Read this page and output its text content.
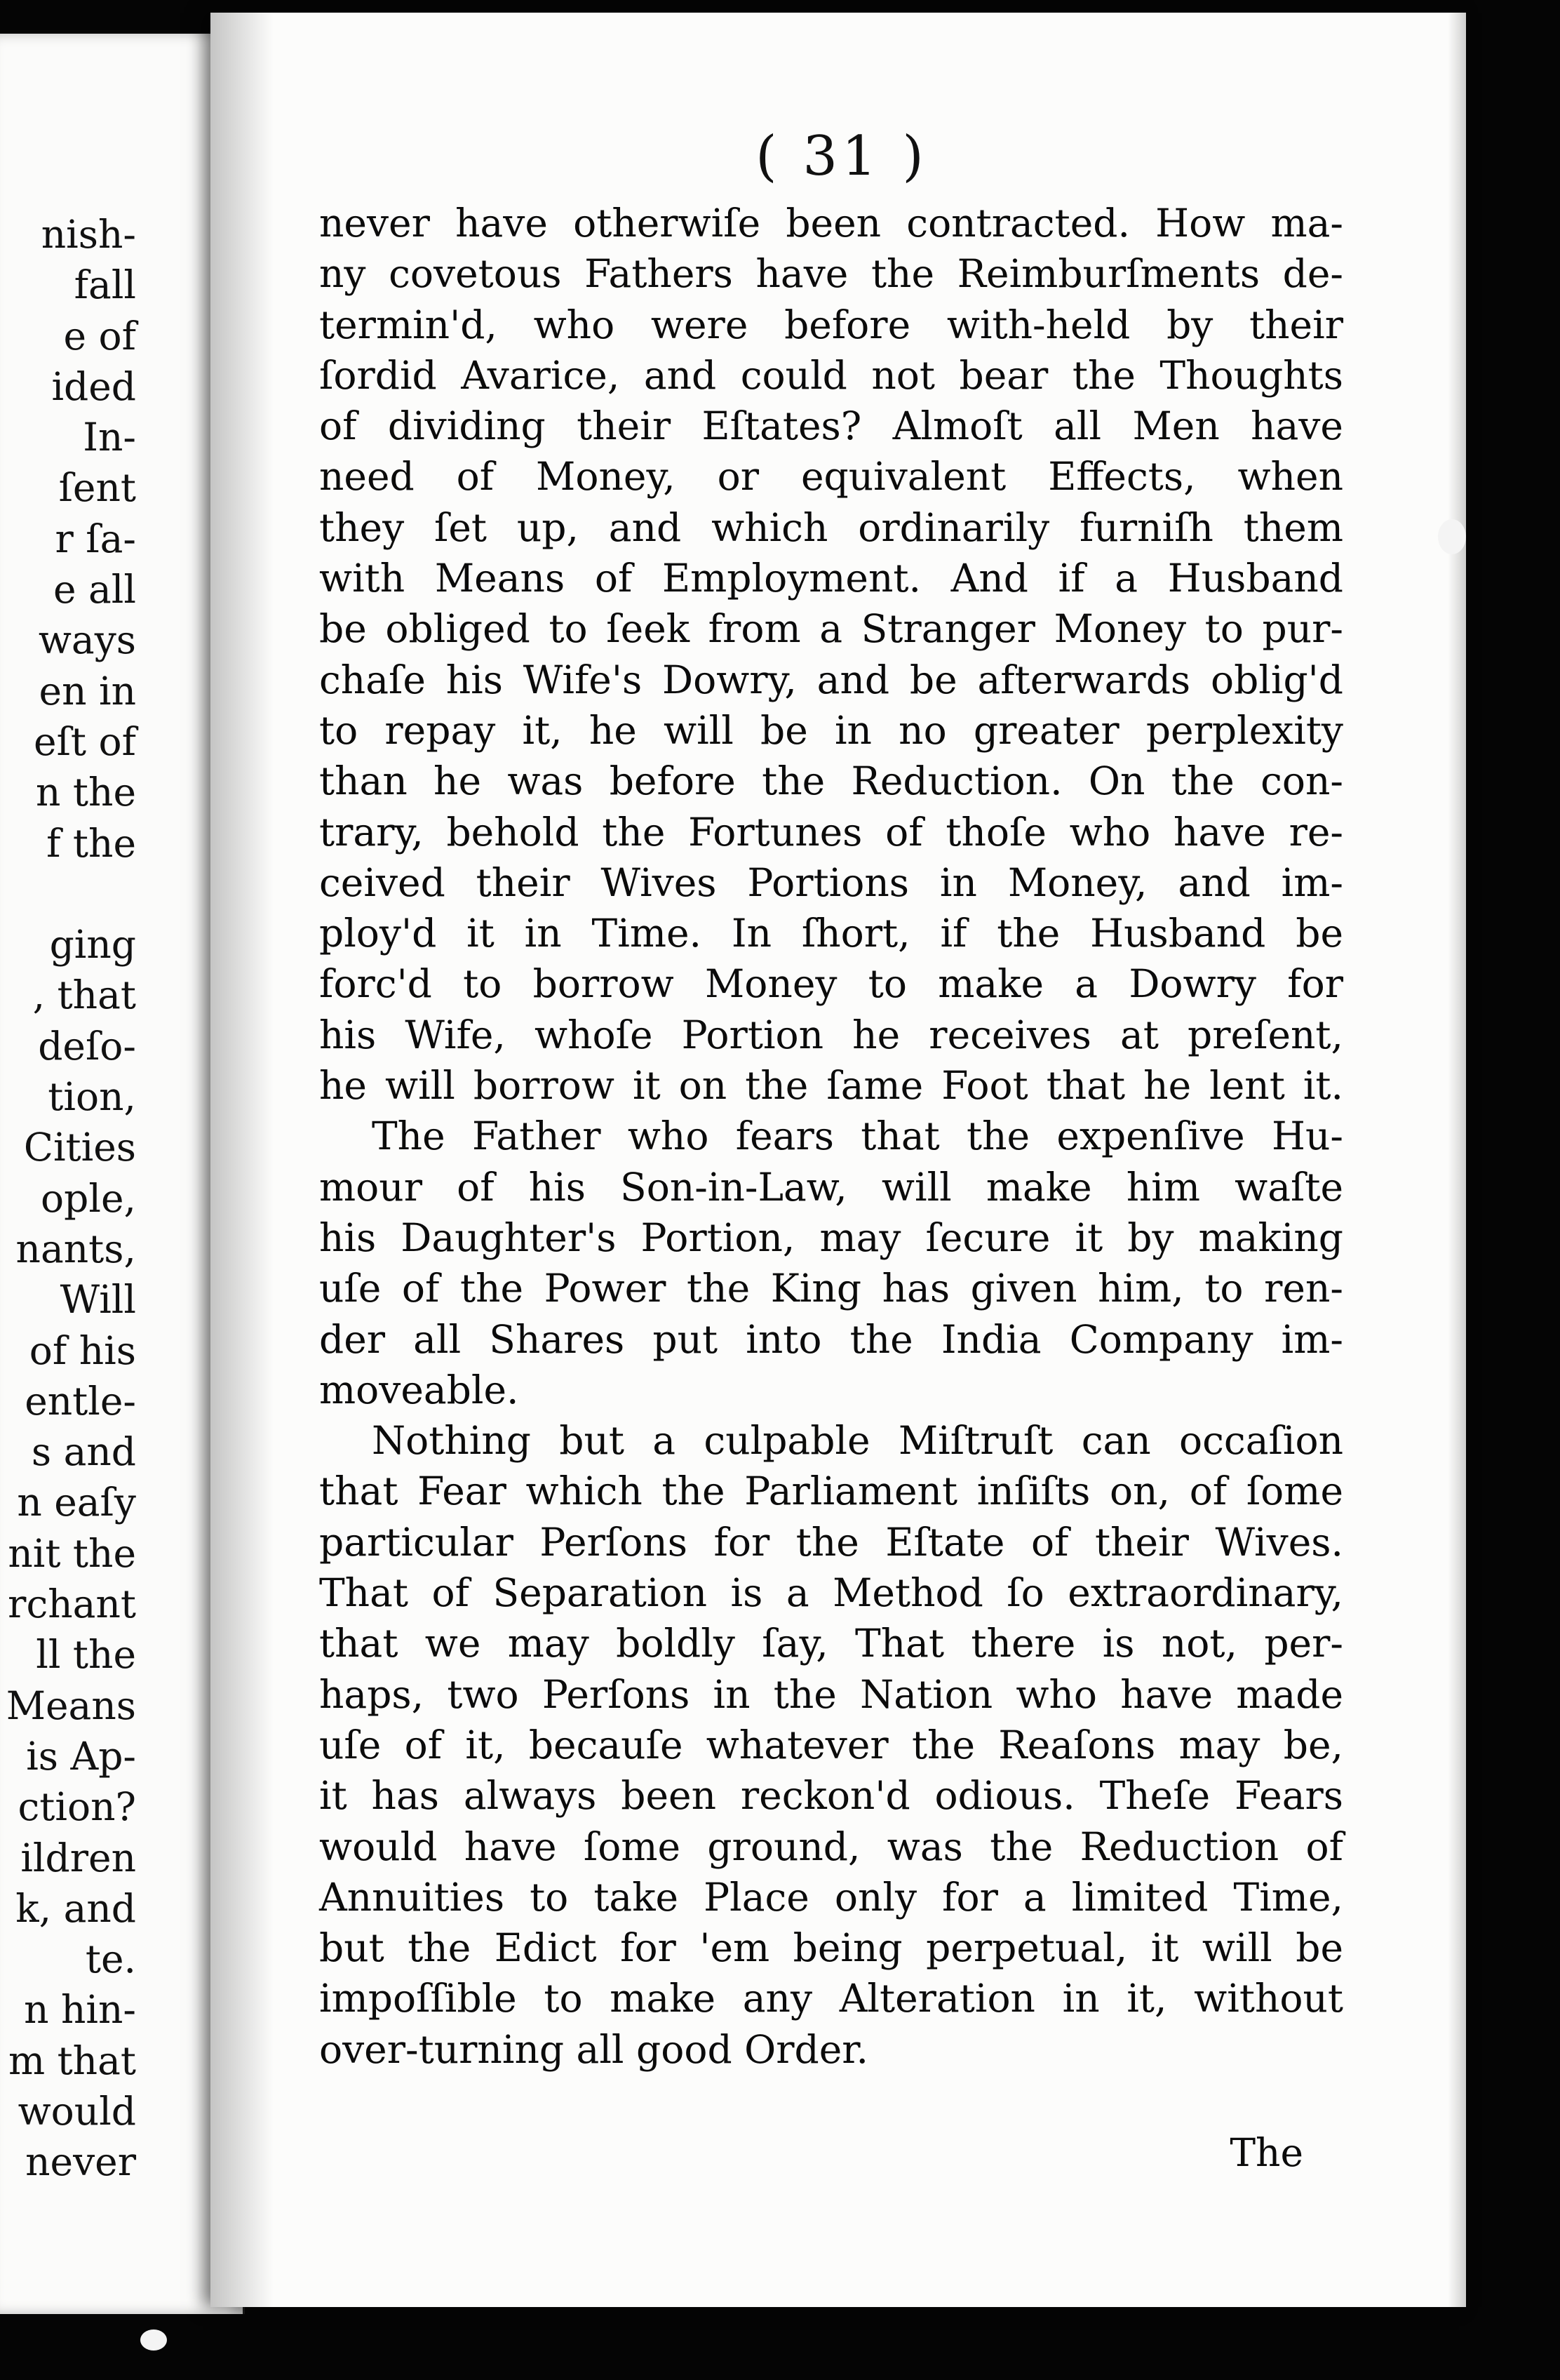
nish-
fall
e of
ided
In-
ſent
r ſa-
e all
ways
en in
eſt of
n the
f the
ging
, that
deſo-
tion,
Cities
ople,
nants,
Will
of his
entle-
s and
n eaſy
nit the
rchant
ll the
Means
is Ap-
ction?
ildren
k, and
te.
n hin-
m that
would
never
( 31 )
never have otherwiſe been contracted. How ma-
ny covetous Fathers have the Reimburſments de-
termin'd, who were before with-held by their
ſordid Avarice, and could not bear the Thoughts
of dividing their Eſtates? Almoſt all Men have
need of Money, or equivalent Effects, when
they ſet up, and which ordinarily furniſh them
with Means of Employment. And if a Husband
be obliged to ſeek from a Stranger Money to pur-
chaſe his Wife's Dowry, and be afterwards oblig'd
to repay it, he will be in no greater perplexity
than he was before the Reduction. On the con-
trary, behold the Fortunes of thoſe who have re-
ceived their Wives Portions in Money, and im-
ploy'd it in Time. In ſhort, if the Husband be
forc'd to borrow Money to make a Dowry for
his Wife, whoſe Portion he receives at preſent,
he will borrow it on the ſame Foot that he lent it.
The Father who fears that the expenſive Hu-
mour of his Son-in-Law, will make him waſte
his Daughter's Portion, may ſecure it by making
uſe of the Power the King has given him, to ren-
der all Shares put into the India Company im-
moveable.
Nothing but a culpable Miſtruſt can occaſion
that Fear which the Parliament inſiſts on, of ſome
particular Perſons for the Eſtate of their Wives.
That of Separation is a Method ſo extraordinary,
that we may boldly ſay, That there is not, per-
haps, two Perſons in the Nation who have made
uſe of it, becauſe whatever the Reaſons may be,
it has always been reckon'd odious. Theſe Fears
would have ſome ground, was the Reduction of
Annuities to take Place only for a limited Time,
but the Edict for 'em being perpetual, it will be
impoſſible to make any Alteration in it, without
over-turning all good Order.
The
